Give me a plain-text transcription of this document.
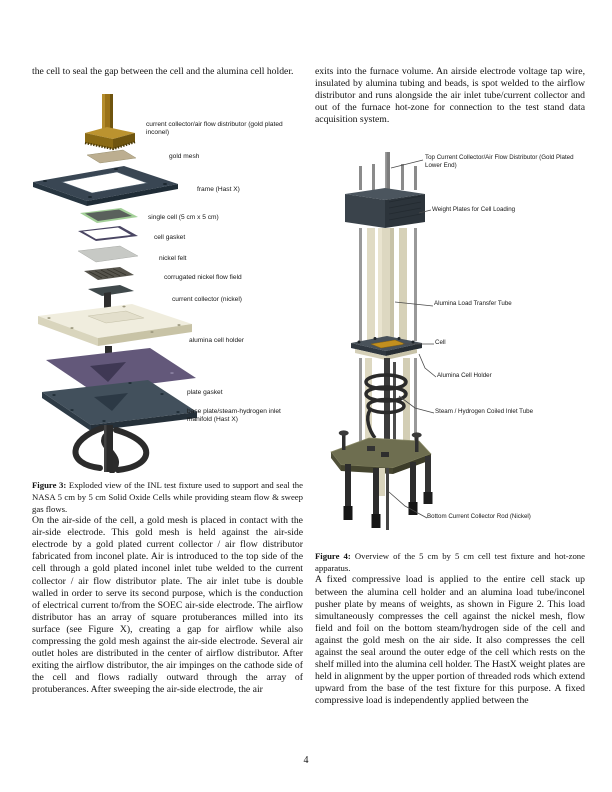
the cell to seal the gap between the cell and the alumina cell holder.

current collector/air flow distributor (gold plated inconel)
gold mesh
frame (Hast X)
single cell (5 cm x 5 cm)
cell gasket
nickel felt
corrugated nickel flow field
current collector (nickel)
alumina cell holder
plate gasket
base plate/steam-hydrogen inlet manifold (Hast X)

Figure 3: Exploded view of the INL test fixture used to support and seal the NASA 5 cm by 5 cm Solid Oxide Cells while providing steam flow & sweep gas flows.

On the air-side of the cell, a gold mesh is placed in contact with the air-side electrode. This gold mesh is held against the air-side electrode by a gold plated current collector / air flow distributor fabricated from inconel plate. Air is introduced to the top side of the cell through a gold plated inconel inlet tube welded to the current collector / air flow distributor plate. The air inlet tube is double walled in order to serve its second purpose, which is the conduction of electrical current to/from the SOEC air-side electrode. The airflow distributor has an array of square protuberances milled into its surface (see Figure X), creating a gap for airflow while also compressing the gold mesh against the air-side electrode. Several air outlet holes are distributed in the center of airflow distributor. After exiting the airflow distributor, the air impinges on the cathode side of the cell and flows radially outward through the array of protuberances. After sweeping the air-side electrode, the air

exits into the furnace volume. An airside electrode voltage tap wire, insulated by alumina tubing and beads, is spot welded to the airflow distributor and runs alongside the air inlet tube/current collector and out of the furnace hot-zone for connection to the test stand data acquisition system.

Top Current Collector/Air Flow Distributor (Gold Plated Lower End)
Weight Plates for Cell Loading
Alumina Load Transfer Tube
Cell
Alumina Cell Holder
Steam / Hydrogen Coiled Inlet Tube
Bottom Current Collector Rod (Nickel)

Figure 4: Overview of the 5 cm by 5 cm cell test fixture and hot-zone apparatus.

A fixed compressive load is applied to the entire cell stack up between the alumina cell holder and an alumina load tube/inconel pusher plate by means of weights, as shown in Figure 2. This load simultaneously compresses the cell against the nickel mesh, flow field and foil on the bottom steam/hydrogen side of the cell and against the gold mesh on the air side. It also compresses the cell against the seal around the outer edge of the cell which rests on the shelf milled into the alumina cell holder. The HastX weight plates are held in alignment by the upper portion of threaded rods which extend upward from the base of the test fixture for this purpose. A fixed compressive load is independently applied between the

4
